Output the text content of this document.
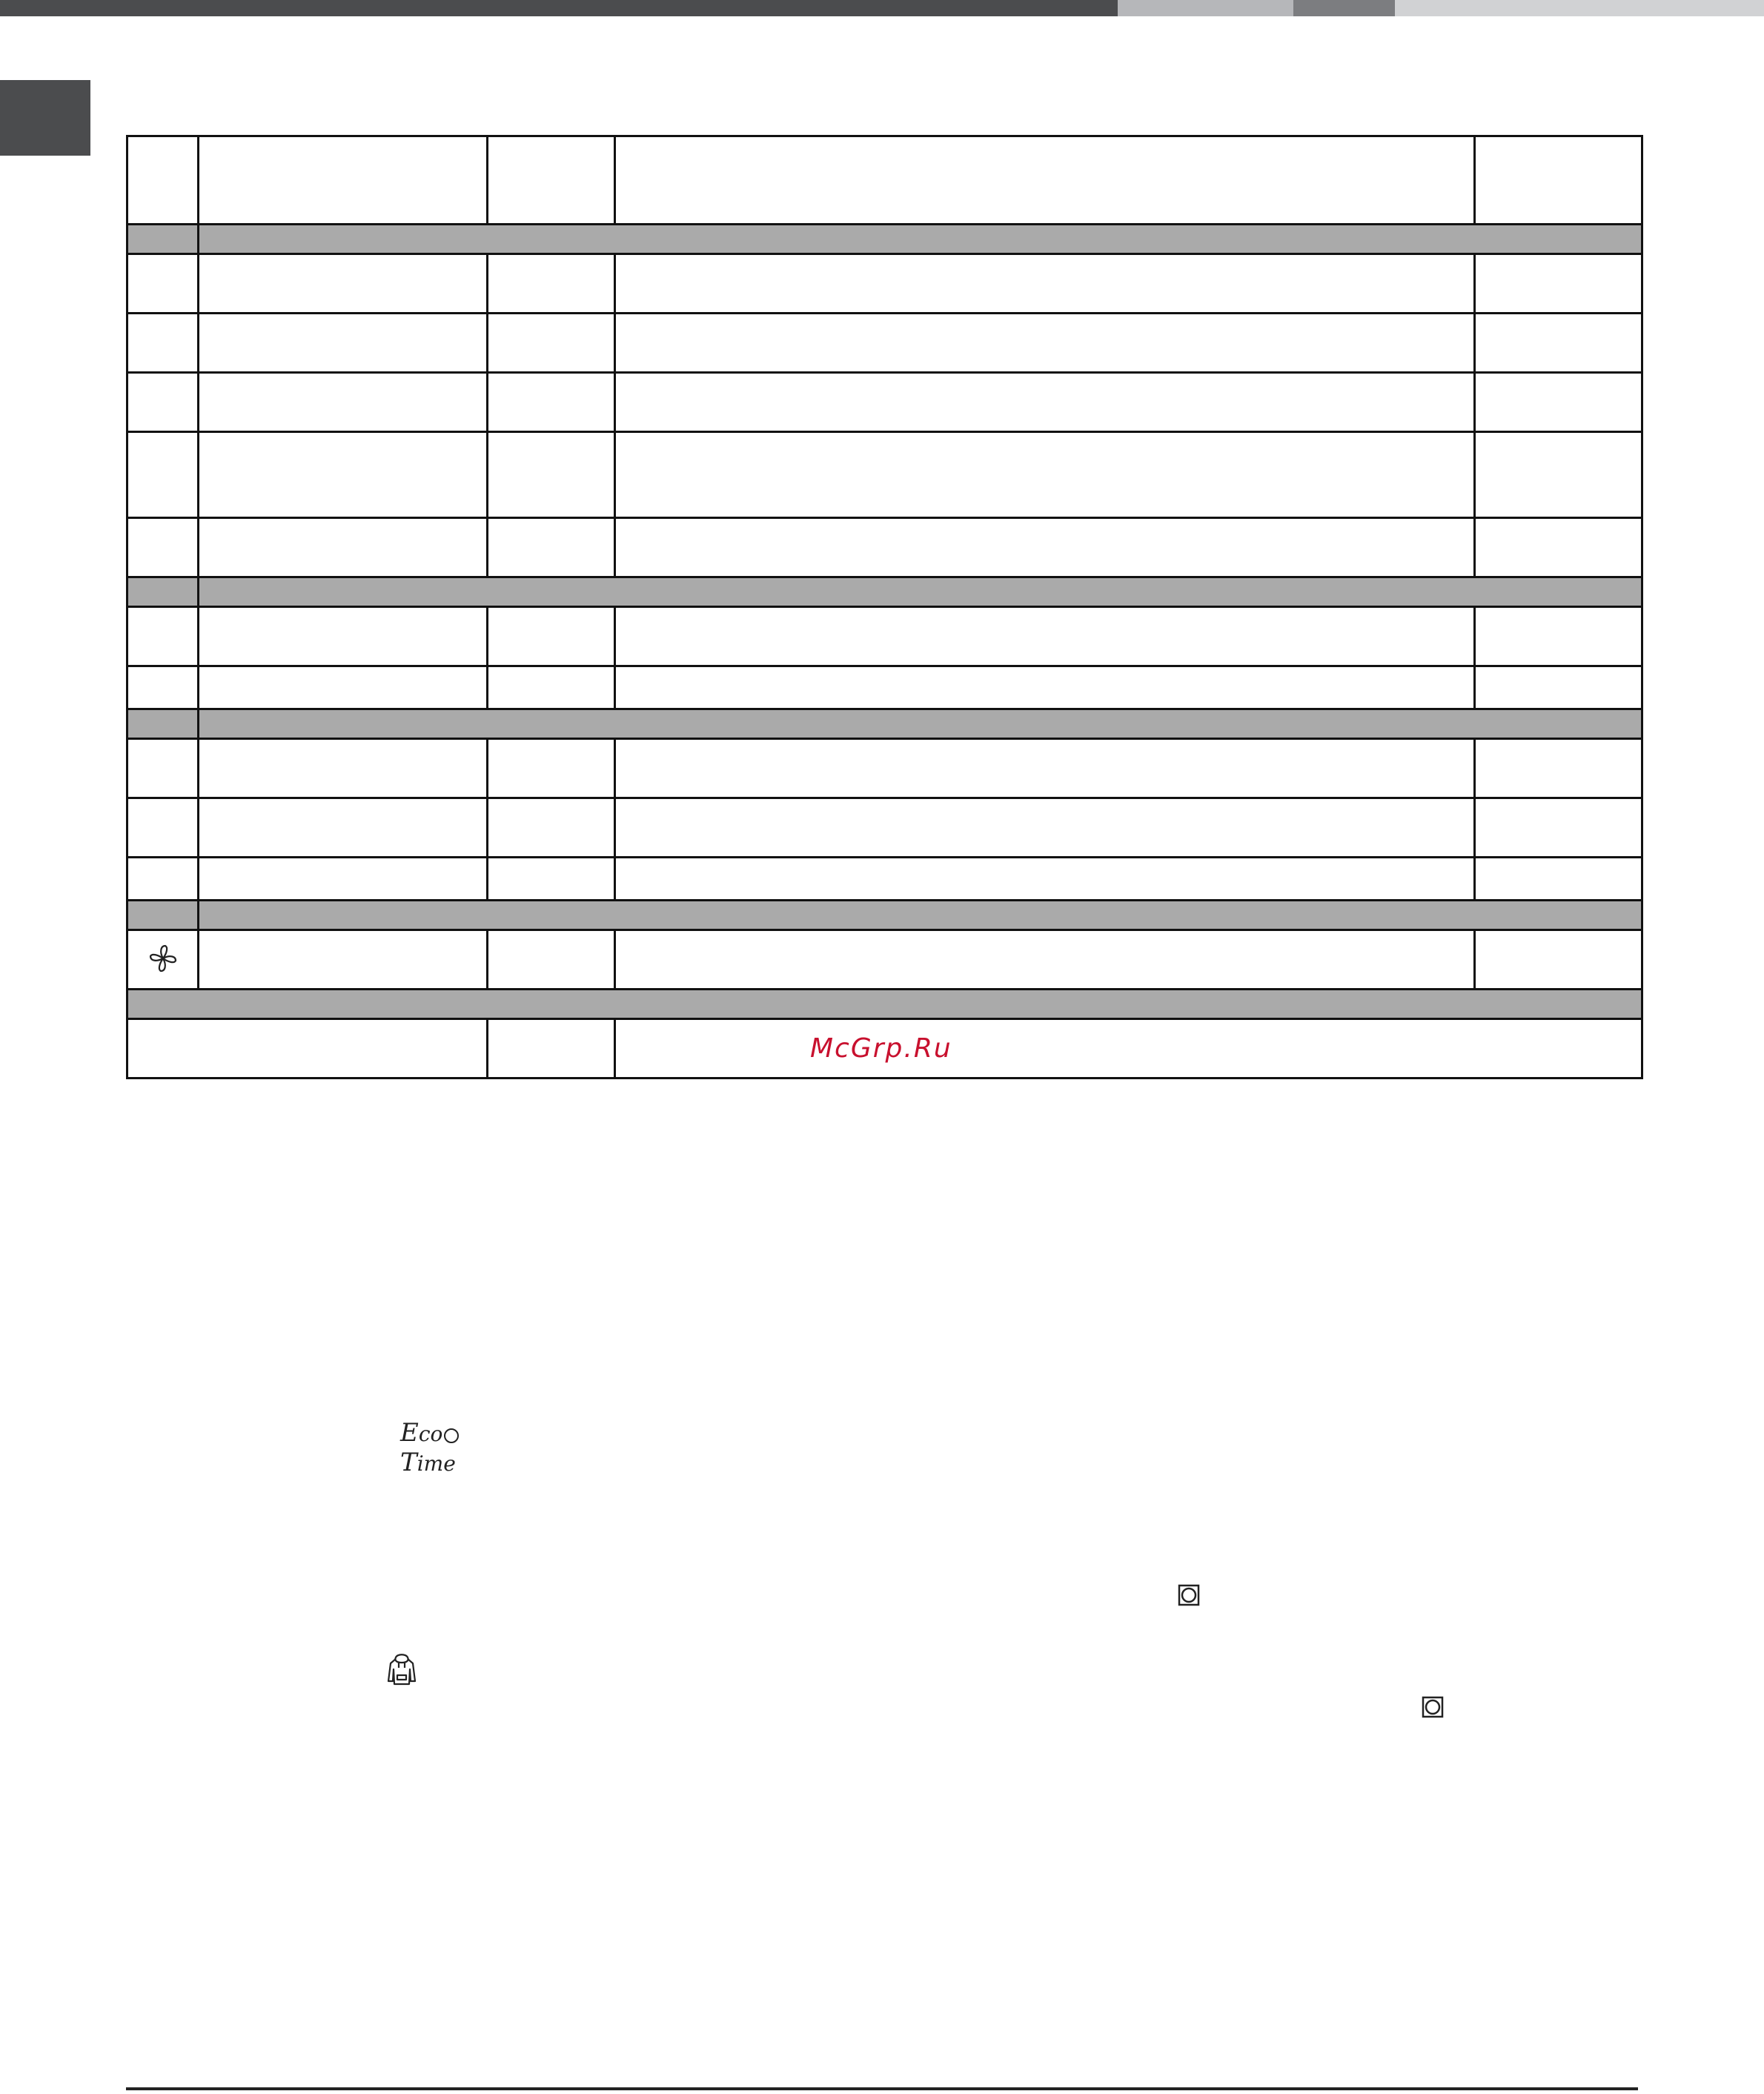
			McGrp.Ru	
EcoTime
